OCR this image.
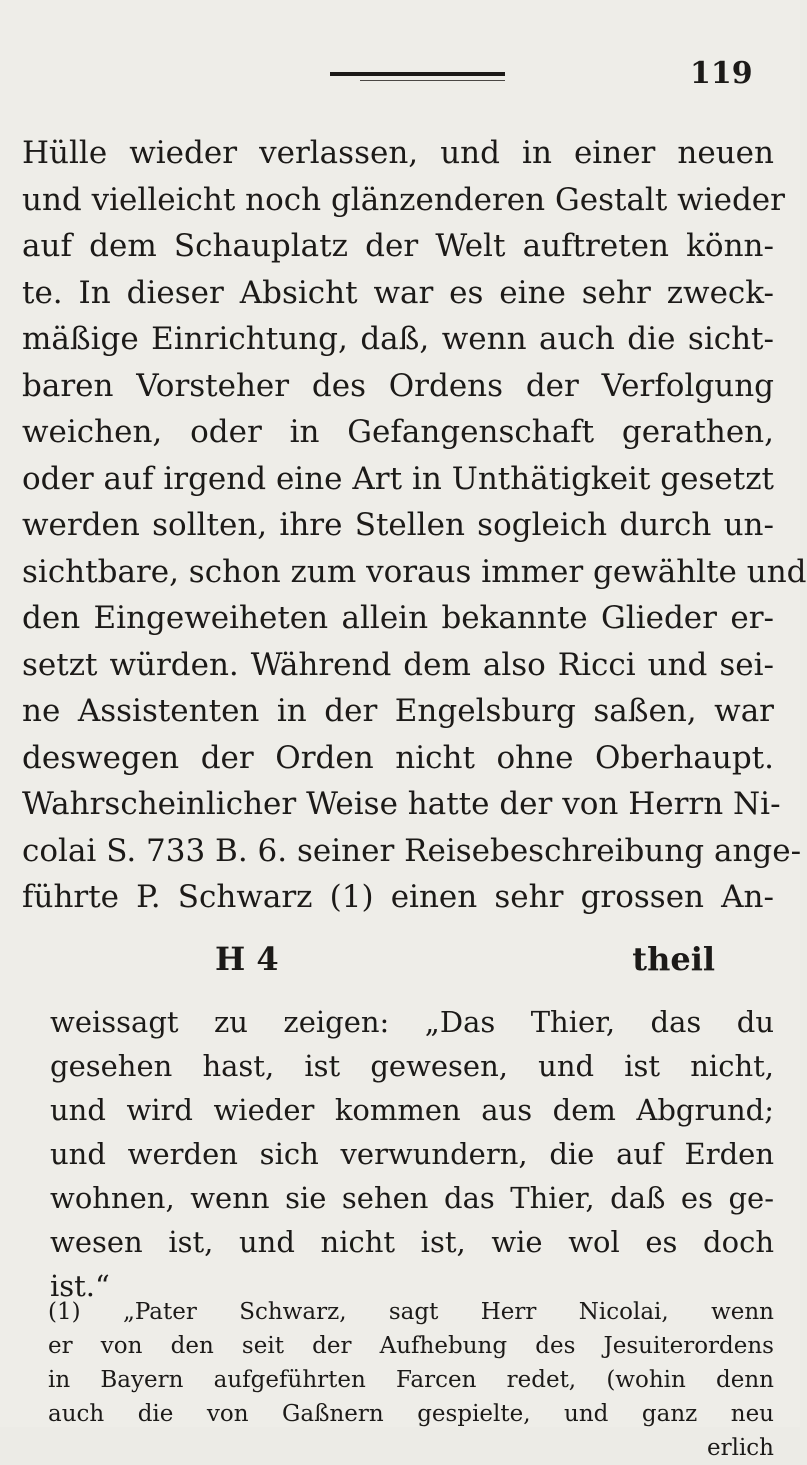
119
Hülle wieder verlassen, und in einer neuen
und vielleicht noch glänzenderen Gestalt wieder
auf dem Schauplatz der Welt auftreten könn-
te. In dieser Absicht war es eine sehr zweck-
mäßige Einrichtung, daß, wenn auch die sicht-
baren Vorsteher des Ordens der Verfolgung
weichen, oder in Gefangenschaft gerathen,
oder auf irgend eine Art in Unthätigkeit gesetzt
werden sollten, ihre Stellen sogleich durch un-
sichtbare, schon zum voraus immer gewählte und
den Eingeweiheten allein bekannte Glieder er-
setzt würden. Während dem also Ricci und sei-
ne Assistenten in der Engelsburg saßen, war
deswegen der Orden nicht ohne Oberhaupt.
Wahrscheinlicher Weise hatte der von Herrn Ni-
colai S. 733 B. 6. seiner Reisebeschreibung ange-
führte P. Schwarz (1) einen sehr grossen An-
H 4	theil
weissagt zu zeigen: „Das Thier, das du
gesehen hast, ist gewesen, und ist nicht,
und wird wieder kommen aus dem Abgrund;
und werden sich verwundern, die auf Erden
wohnen, wenn sie sehen das Thier, daß es ge-
wesen ist, und nicht ist, wie wol es doch
ist.“
(1) „Pater Schwarz, sagt Herr Nicolai, wenn
er von den seit der Aufhebung des Jesuiterordens
in Bayern aufgeführten Farcen redet, (wohin denn
auch die von Gaßnern gespielte, und ganz neu
erlich
